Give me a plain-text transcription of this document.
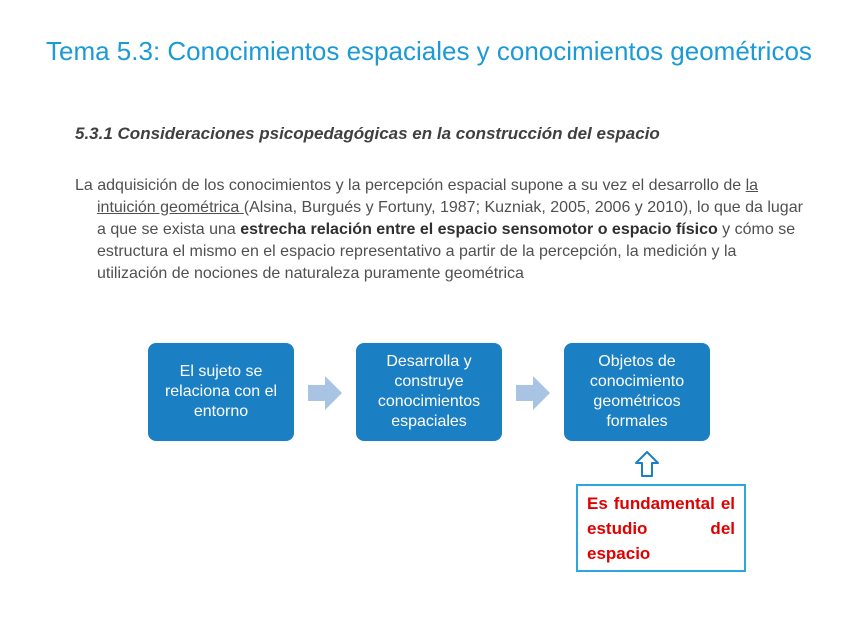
Tema 5.3: Conocimientos espaciales y conocimientos geométricos
5.3.1 Consideraciones psicopedagógicas en la construcción del espacio
La adquisición de los conocimientos y la percepción espacial supone a su vez el desarrollo de la intuición geométrica (Alsina, Burgués y Fortuny, 1987; Kuzniak, 2005, 2006 y 2010), lo que da lugar a que se exista una estrecha relación entre el espacio sensomotor o espacio físico y cómo se estructura el mismo en el espacio representativo a partir de la percepción, la medición y la utilización de nociones de naturaleza puramente geométrica
El sujeto se relaciona con el entorno
Desarrolla y construye conocimientos espaciales
Objetos de conocimiento geométricos formales
Es fundamental el estudio del espacio
